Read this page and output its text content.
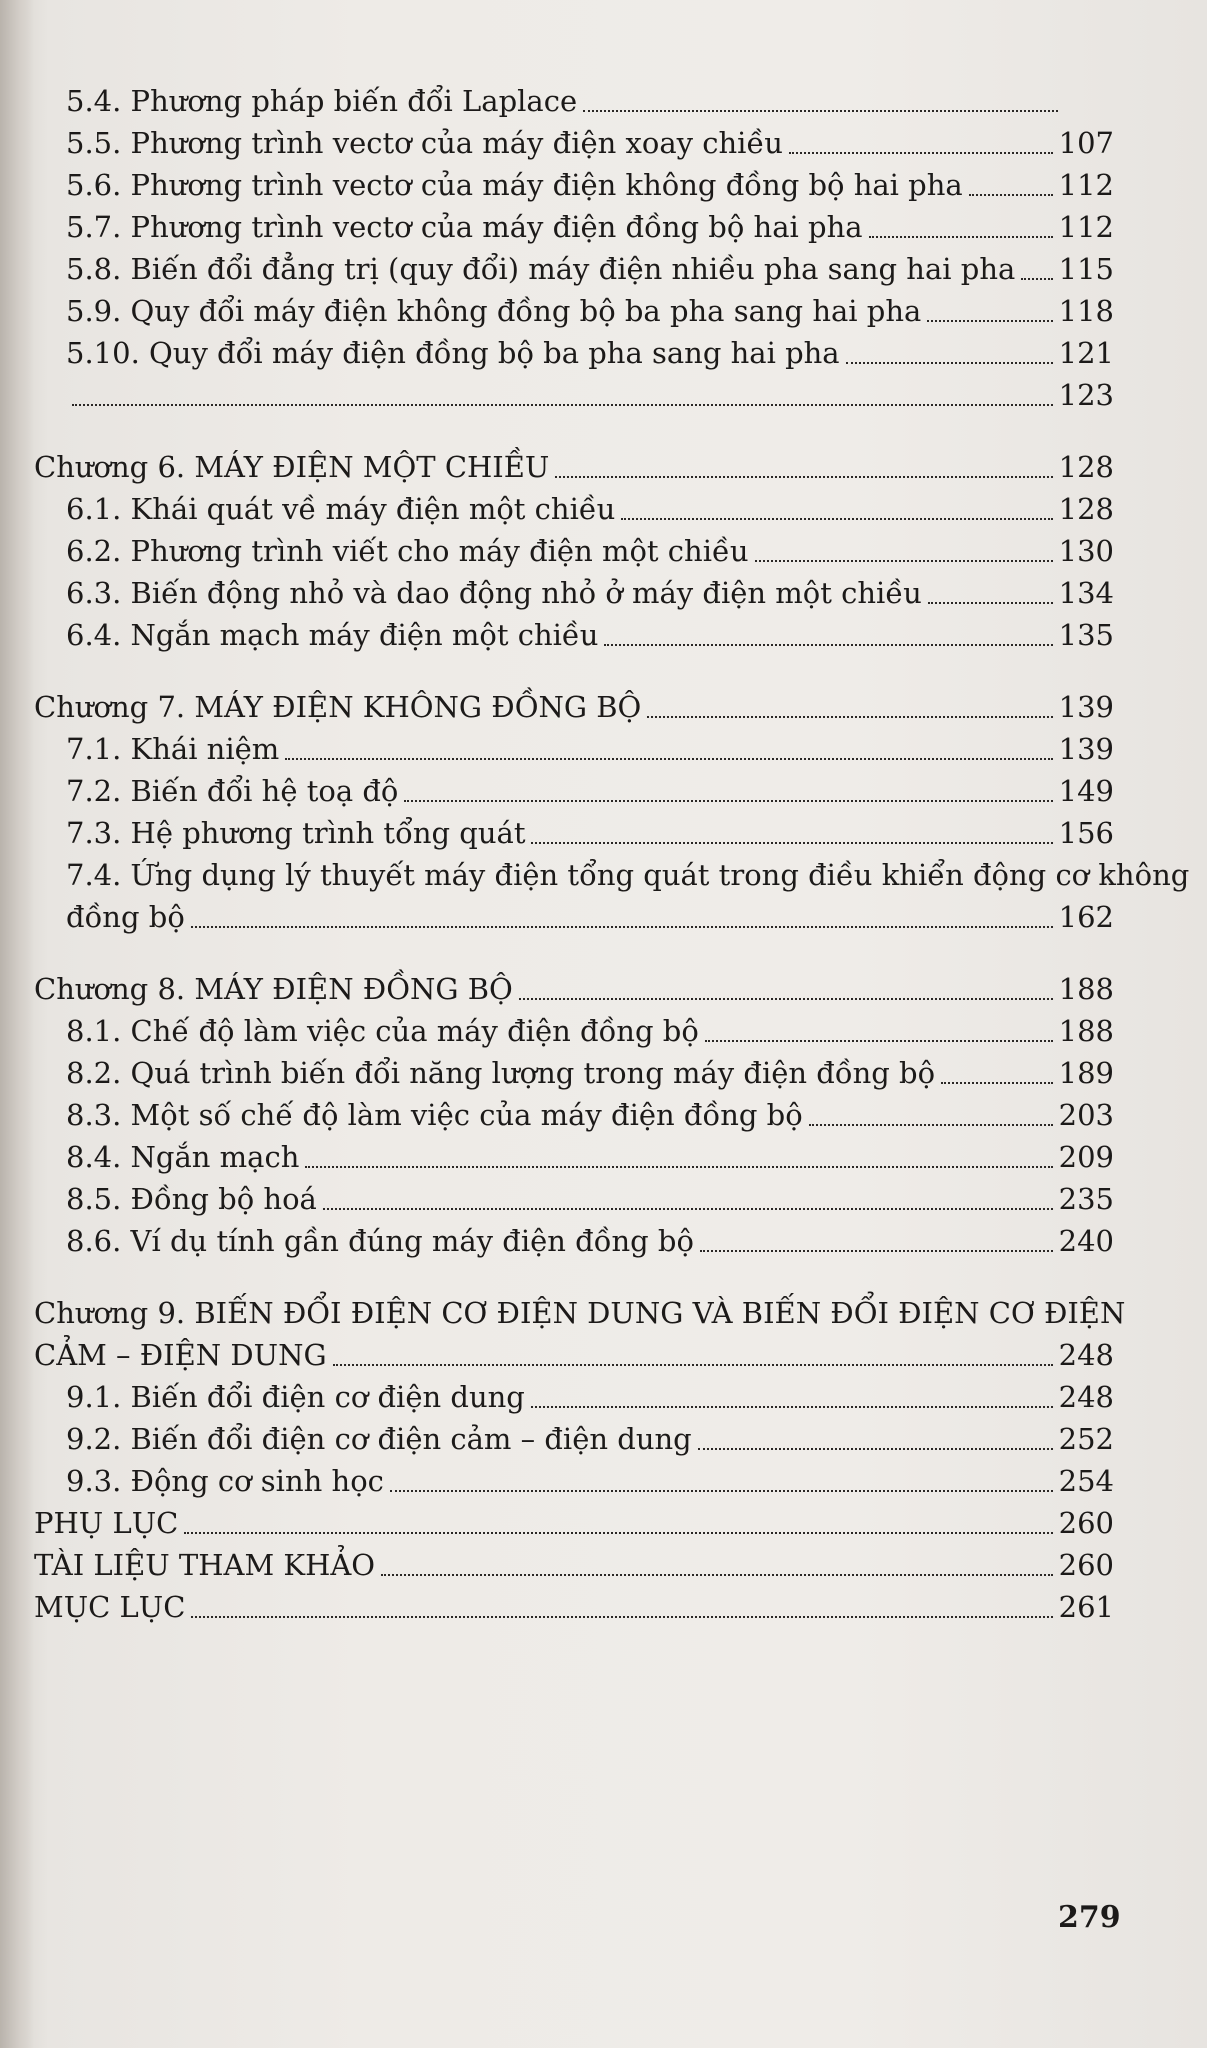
5.4. Phương pháp biến đổi Laplace
5.5. Phương trình vectơ của máy điện xoay chiều	107
5.6. Phương trình vectơ của máy điện không đồng bộ hai pha	112
5.7. Phương trình vectơ của máy điện đồng bộ hai pha	112
5.8. Biến đổi đẳng trị (quy đổi) máy điện nhiều pha sang hai pha 115
5.9. Quy đổi máy điện không đồng bộ ba pha sang hai pha	118
5.10. Quy đổi máy điện đồng bộ ba pha sang hai pha	121
123
Chương 6. MÁY ĐIỆN MỘT CHIỀU	128
6.1. Khái quát về máy điện một chiều	128
6.2. Phương trình viết cho máy điện một chiều	130
6.3. Biến động nhỏ và dao động nhỏ ở máy điện một chiều	134
6.4. Ngắn mạch máy điện một chiều	135
Chương 7. MÁY ĐIỆN KHÔNG ĐỒNG BỘ	139
7.1. Khái niệm	139
7.2. Biến đổi hệ toạ độ	149
7.3. Hệ phương trình tổng quát	156
7.4. Ứng dụng lý thuyết máy điện tổng quát trong điều khiển động cơ không
đồng bộ	162
Chương 8. MÁY ĐIỆN ĐỒNG BỘ	188
8.1. Chế độ làm việc của máy điện đồng bộ	188
8.2. Quá trình biến đổi năng lượng trong máy điện đồng bộ	189
8.3. Một số chế độ làm việc của máy điện đồng bộ	203
8.4. Ngắn mạch	209
8.5. Đồng bộ hoá	235
8.6. Ví dụ tính gần đúng máy điện đồng bộ	240
Chương 9. BIẾN ĐỔI ĐIỆN CƠ ĐIỆN DUNG VÀ BIẾN ĐỔI ĐIỆN CƠ ĐIỆN
CẢM – ĐIỆN DUNG	248
9.1. Biến đổi điện cơ điện dung	248
9.2. Biến đổi điện cơ điện cảm – điện dung	252
9.3. Động cơ sinh học	254
PHỤ LỤC	260
TÀI LIỆU THAM KHẢO	260
MỤC LỤC	261
279
